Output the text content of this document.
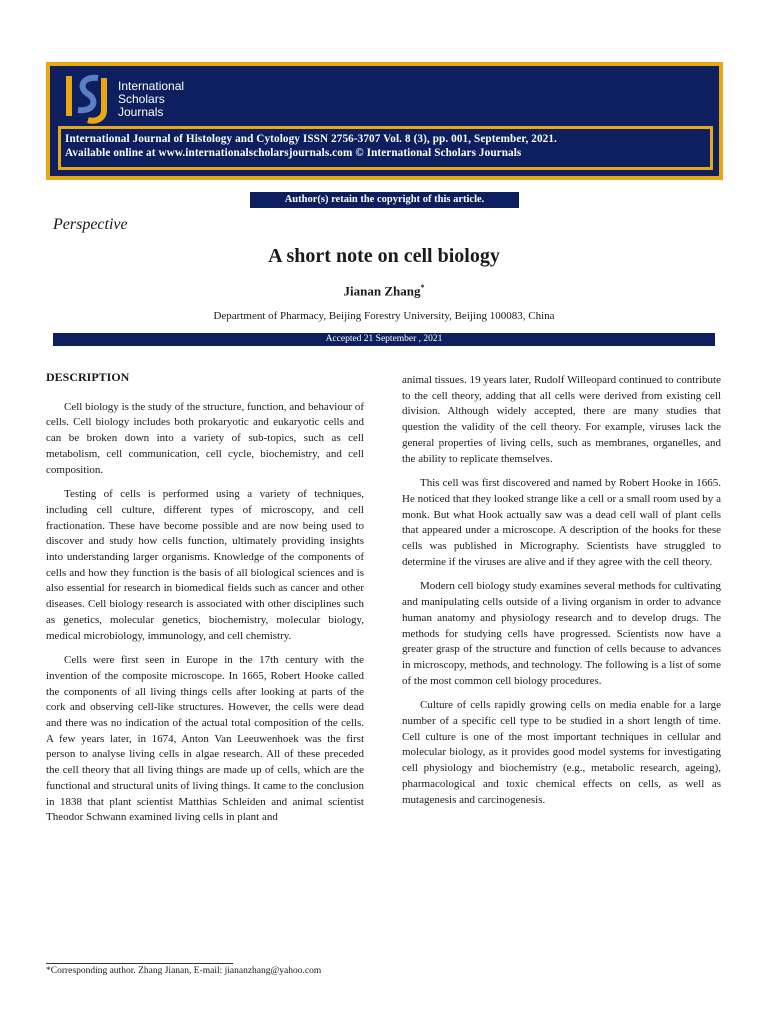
International
Scholars
Journals
International Journal of Histology and Cytology ISSN 2756-3707 Vol. 8 (3), pp. 001, September, 2021.
Available online at www.internationalscholarsjournals.com © International Scholars Journals
Author(s) retain the copyright of this article.
Perspective
A short note on cell biology
Jianan Zhang*
Department of Pharmacy, Beijing Forestry University, Beijing 100083, China
Accepted 21 September , 2021
DESCRIPTION

Cell biology is the study of the structure, function, and behaviour of cells. Cell biology includes both prokaryotic and eukaryotic cells and can be broken down into a variety of sub-topics, such as cell metabolism, cell communication, cell cycle, biochemistry, and cell composition.

Testing of cells is performed using a variety of techniques, including cell culture, different types of microscopy, and cell fractionation. These have become possible and are now being used to discover and study how cells function, ultimately providing insights into understanding larger organisms. Knowledge of the components of cells and how they function is the basis of all biological sciences and is also essential for research in biomedical fields such as cancer and other diseases. Cell biology research is associated with other disciplines such as genetics, molecular genetics, biochemistry, molecular biology, medical microbiology, immunology, and cell chemistry.

Cells were first seen in Europe in the 17th century with the invention of the composite microscope. In 1665, Robert Hooke called the components of all living things cells after looking at parts of the cork and observing cell-like structures. However, the cells were dead and there was no indication of the actual total composition of the cells. A few years later, in 1674, Anton Van Leeuwenhoek was the first person to analyse living cells in algae research. All of these preceded the cell theory that all living things are made up of cells, which are the functional and structural units of living things. It came to the conclusion in 1838 that plant scientist Matthias Schleiden and animal scientist Theodor Schwann examined living cells in plant and

animal tissues. 19 years later, Rudolf Willeopard continued to contribute to the cell theory, adding that all cells were derived from existing cell division. Although widely accepted, there are many studies that question the validity of the cell theory. For example, viruses lack the general properties of living cells, such as membranes, organelles, and the ability to replicate themselves.

This cell was first discovered and named by Robert Hooke in 1665. He noticed that they looked strange like a cell or a small room used by a monk. But what Hook actually saw was a dead cell wall of plant cells that appeared under a microscope. A description of the hooks for these cells was published in Micrography. Scientists have struggled to determine if the viruses are alive and if they agree with the cell theory.

Modern cell biology study examines several methods for cultivating and manipulating cells outside of a living organism in order to advance human anatomy and physiology research and to develop drugs. The methods for studying cells have progressed. Scientists now have a greater grasp of the structure and function of cells because to advances in microscopy, methods, and technology. The following is a list of some of the most common cell biology procedures.

Culture of cells rapidly growing cells on media enable for a large number of a specific cell type to be studied in a short length of time. Cell culture is one of the most important techniques in cellular and molecular biology, as it provides good model systems for investigating cell physiology and biochemistry (e.g., metabolic research, ageing), pharmacological and toxic chemical effects on cells, as well as mutagenesis and carcinogenesis.

*Corresponding author. Zhang Jianan, E-mail: jiananzhang@yahoo.com
